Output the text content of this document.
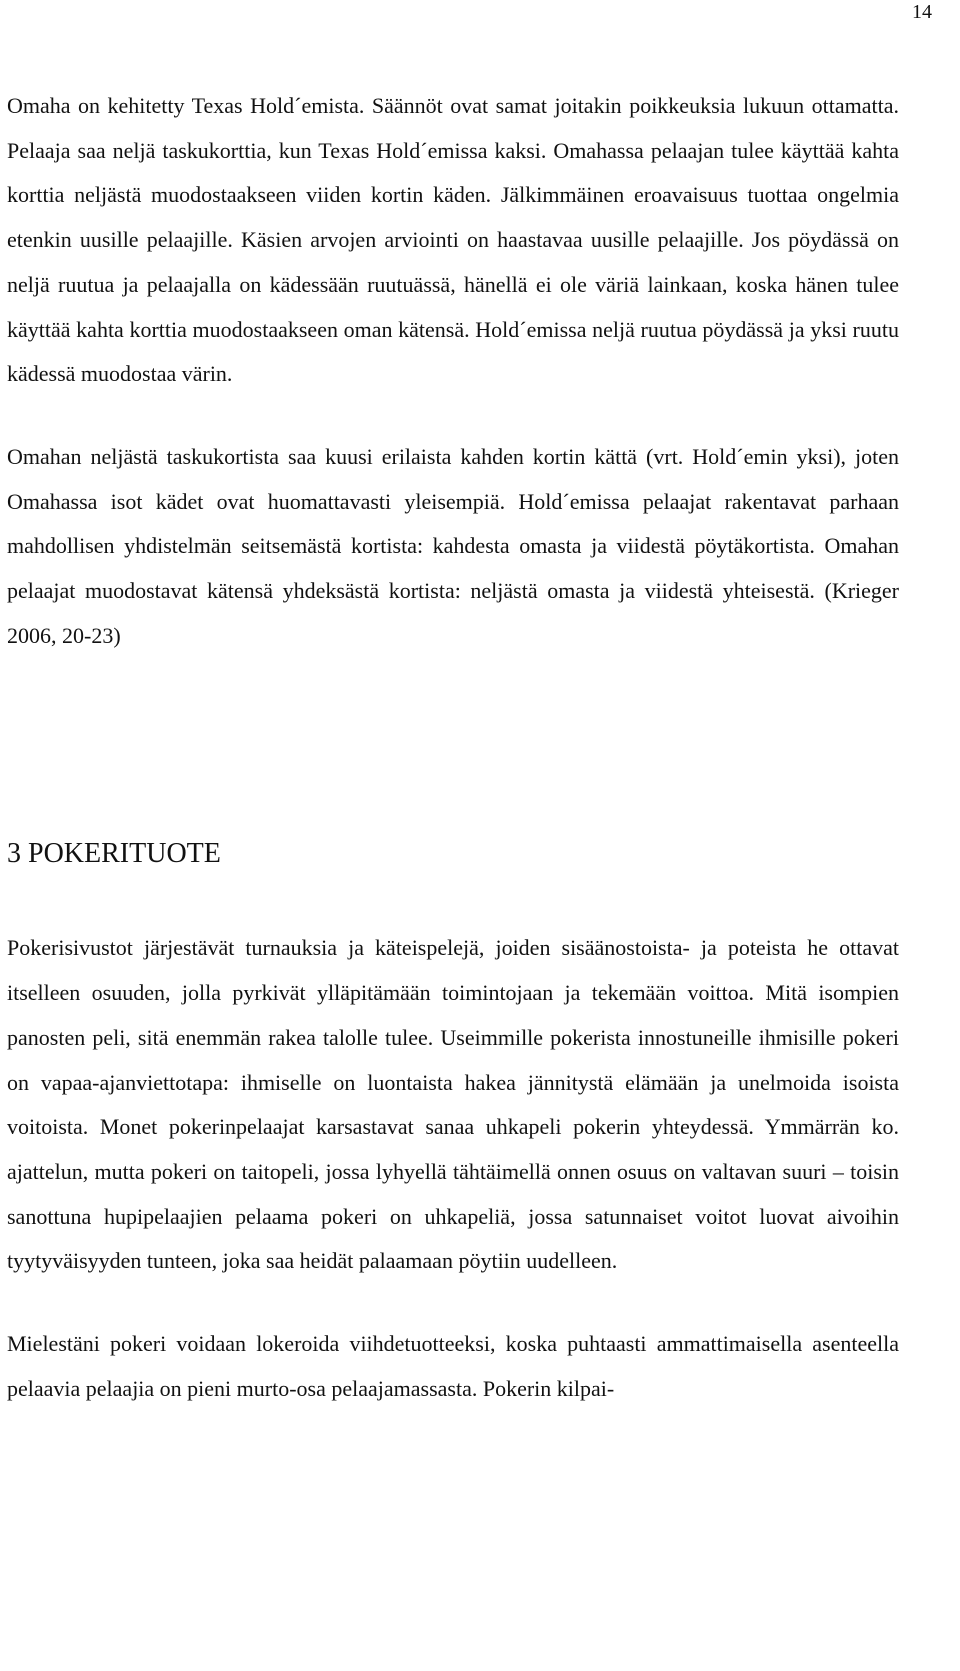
14

Omaha on kehitetty Texas Hold´emista. Säännöt ovat samat joitakin poikkeuksia lukuun ottamatta. Pelaaja saa neljä taskukorttia, kun Texas Hold´emissa kaksi. Omahassa pelaajan tulee käyttää kahta korttia neljästä muodostaakseen viiden kortin käden. Jälkimmäinen eroavaisuus tuottaa ongelmia etenkin uusille pelaajille. Käsien arvojen arviointi on haastavaa uusille pelaajille. Jos pöydässä on neljä ruutua ja pelaajalla on kädessään ruutuässä, hänellä ei ole väriä lainkaan, koska hänen tulee käyttää kahta korttia muodostaakseen oman kätensä. Hold´emissa neljä ruutua pöydässä ja yksi ruutu kädessä muodostaa värin.

Omahan neljästä taskukortista saa kuusi erilaista kahden kortin kättä (vrt. Hold´emin yksi), joten Omahassa isot kädet ovat huomattavasti yleisempiä. Hold´emissa pelaajat rakentavat parhaan mahdollisen yhdistelmän seitsemästä kortista: kahdesta omasta ja viidestä pöytäkortista. Omahan pelaajat muodostavat kätensä yhdeksästä kortista: neljästä omasta ja viidestä yhteisestä. (Krieger 2006, 20-23)

3 POKERITUOTE

Pokerisivustot järjestävät turnauksia ja käteispelejä, joiden sisäänostoista- ja poteista he ottavat itselleen osuuden, jolla pyrkivät ylläpitämään toimintojaan ja tekemään voittoa. Mitä isompien panosten peli, sitä enemmän rakea talolle tulee. Useimmille pokerista innostuneille ihmisille pokeri on vapaa-ajanviettotapa: ihmiselle on luontaista hakea jännitystä elämään ja unelmoida isoista voitoista. Monet pokerinpelaajat karsastavat sanaa uhkapeli pokerin yhteydessä. Ymmärrän ko. ajattelun, mutta pokeri on taitopeli, jossa lyhyellä tähtäimellä onnen osuus on valtavan suuri – toisin sanottuna hupipelaajien pelaama pokeri on uhkapeliä, jossa satunnaiset voitot luovat aivoihin tyytyväisyyden tunteen, joka saa heidät palaamaan pöytiin uudelleen.

Mielestäni pokeri voidaan lokeroida viihdetuotteeksi, koska puhtaasti ammattimaisella asenteella pelaavia pelaajia on pieni murto-osa pelaajamassasta. Pokerin kilpai-
